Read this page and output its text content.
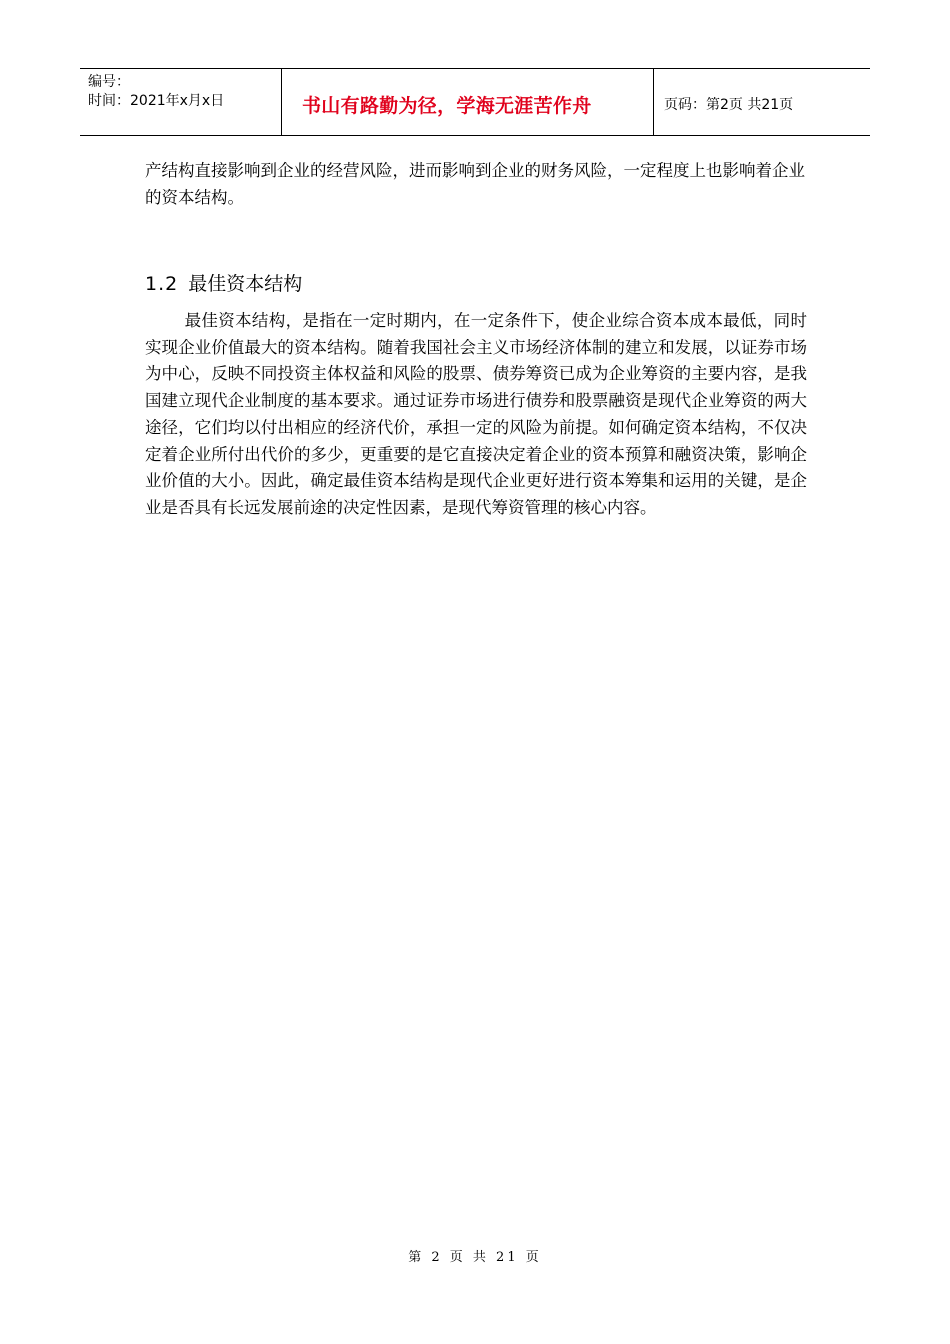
编号：
时间：2021年x月x日	书山有路勤为径，学海无涯苦作舟	页码：第2页 共21页

产结构直接影响到企业的经营风险，进而影响到企业的财务风险，一定程度上也影响着企业的资本结构。

1.2 最佳资本结构

最佳资本结构，是指在一定时期内，在一定条件下，使企业综合资本成本最低，同时实现企业价值最大的资本结构。随着我国社会主义市场经济体制的建立和发展，以证券市场为中心，反映不同投资主体权益和风险的股票、债券筹资已成为企业筹资的主要内容，是我国建立现代企业制度的基本要求。通过证券市场进行债券和股票融资是现代企业筹资的两大途径，它们均以付出相应的经济代价，承担一定的风险为前提。如何确定资本结构，不仅决定着企业所付出代价的多少，更重要的是它直接决定着企业的资本预算和融资决策，影响企业价值的大小。因此，确定最佳资本结构是现代企业更好进行资本筹集和运用的关键，是企业是否具有长远发展前途的决定性因素，是现代筹资管理的核心内容。

第 2 页 共 21 页
